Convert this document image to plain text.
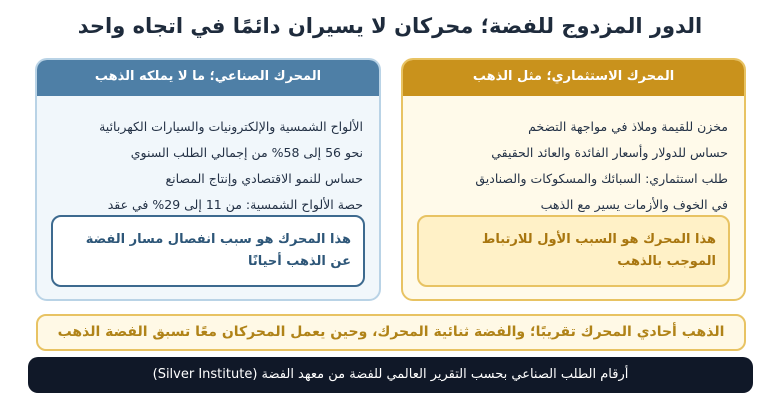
الدور المزدوج للفضة؛ محركان لا يسيران دائمًا في اتجاه واحد
المحرك الاستثماري؛ مثل الذهب
مخزن للقيمة وملاذ في مواجهة التضخم
حساس للدولار وأسعار الفائدة والعائد الحقيقي
طلب استثماري: السبائك والمسكوكات والصناديق
في الخوف والأزمات يسير مع الذهب
هذا المحرك هو السبب الأول للارتباط الموجب بالذهب
المحرك الصناعي؛ ما لا يملكه الذهب
الألواح الشمسية والإلكترونيات والسيارات الكهربائية
نحو 56 إلى 58% من إجمالي الطلب السنوي
حساس للنمو الاقتصادي وإنتاج المصانع
حصة الألواح الشمسية: من 11 إلى 29% في عقد
هذا المحرك هو سبب انفصال مسار الفضة عن الذهب أحيانًا
الذهب أحادي المحرك تقريبًا؛ والفضة ثنائية المحرك، وحين يعمل المحركان معًا تسبق الفضة الذهب
أرقام الطلب الصناعي بحسب التقرير العالمي للفضة من معهد الفضة (Silver Institute)
